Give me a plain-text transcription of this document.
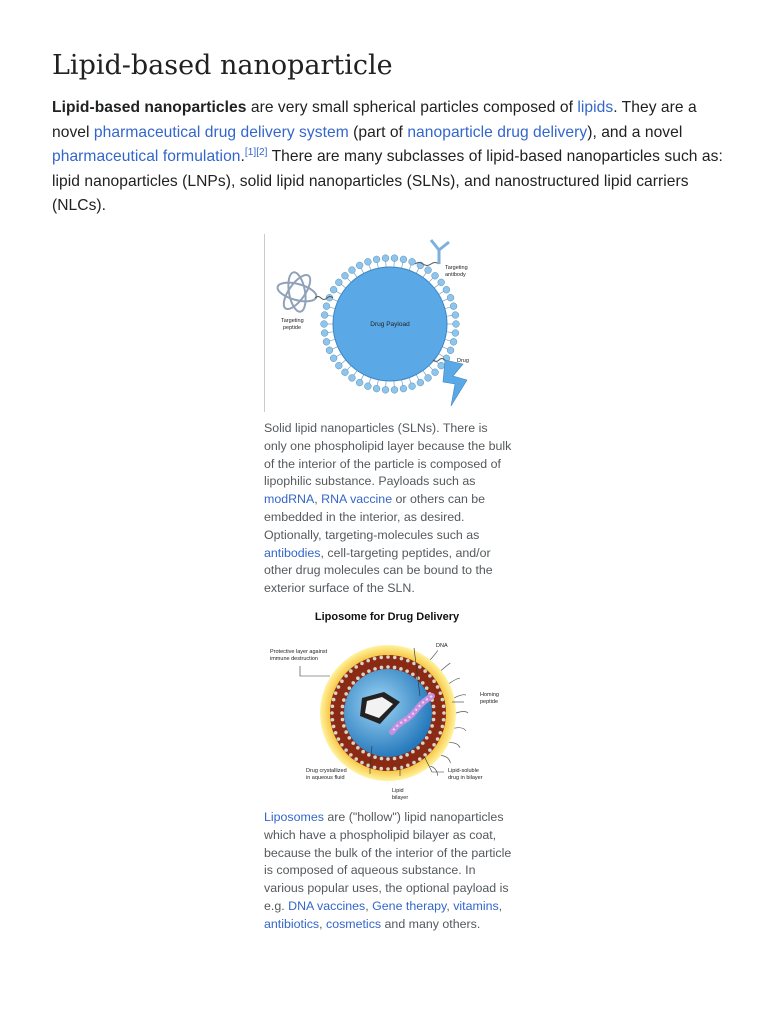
Lipid-based nanoparticle

Lipid-based nanoparticles are very small spherical particles composed of lipids. They are a novel pharmaceutical drug delivery system (part of nanoparticle drug delivery), and a novel pharmaceutical formulation.[1][2] There are many subclasses of lipid-based nanoparticles such as: lipid nanoparticles (LNPs), solid lipid nanoparticles (SLNs), and nanostructured lipid carriers (NLCs).

Drug Payload
Targeting
antibody
Targeting
peptide
Drug

Solid lipid nanoparticles (SLNs). There is only one phospholipid layer because the bulk of the interior of the particle is composed of lipophilic substance. Payloads such as modRNA, RNA vaccine or others can be embedded in the interior, as desired. Optionally, targeting-molecules such as antibodies, cell-targeting peptides, and/or other drug molecules can be bound to the exterior surface of the SLN.

Liposome for Drug Delivery
Protective layer against
immune destruction
DNA
Homing
peptide
Drug crystallized
in aqueous fluid
Lipid-soluble
drug in bilayer
Lipid
bilayer

Liposomes are ("hollow") lipid nanoparticles which have a phospholipid bilayer as coat, because the bulk of the interior of the particle is composed of aqueous substance. In various popular uses, the optional payload is e.g. DNA vaccines, Gene therapy, vitamins, antibiotics, cosmetics and many others.
